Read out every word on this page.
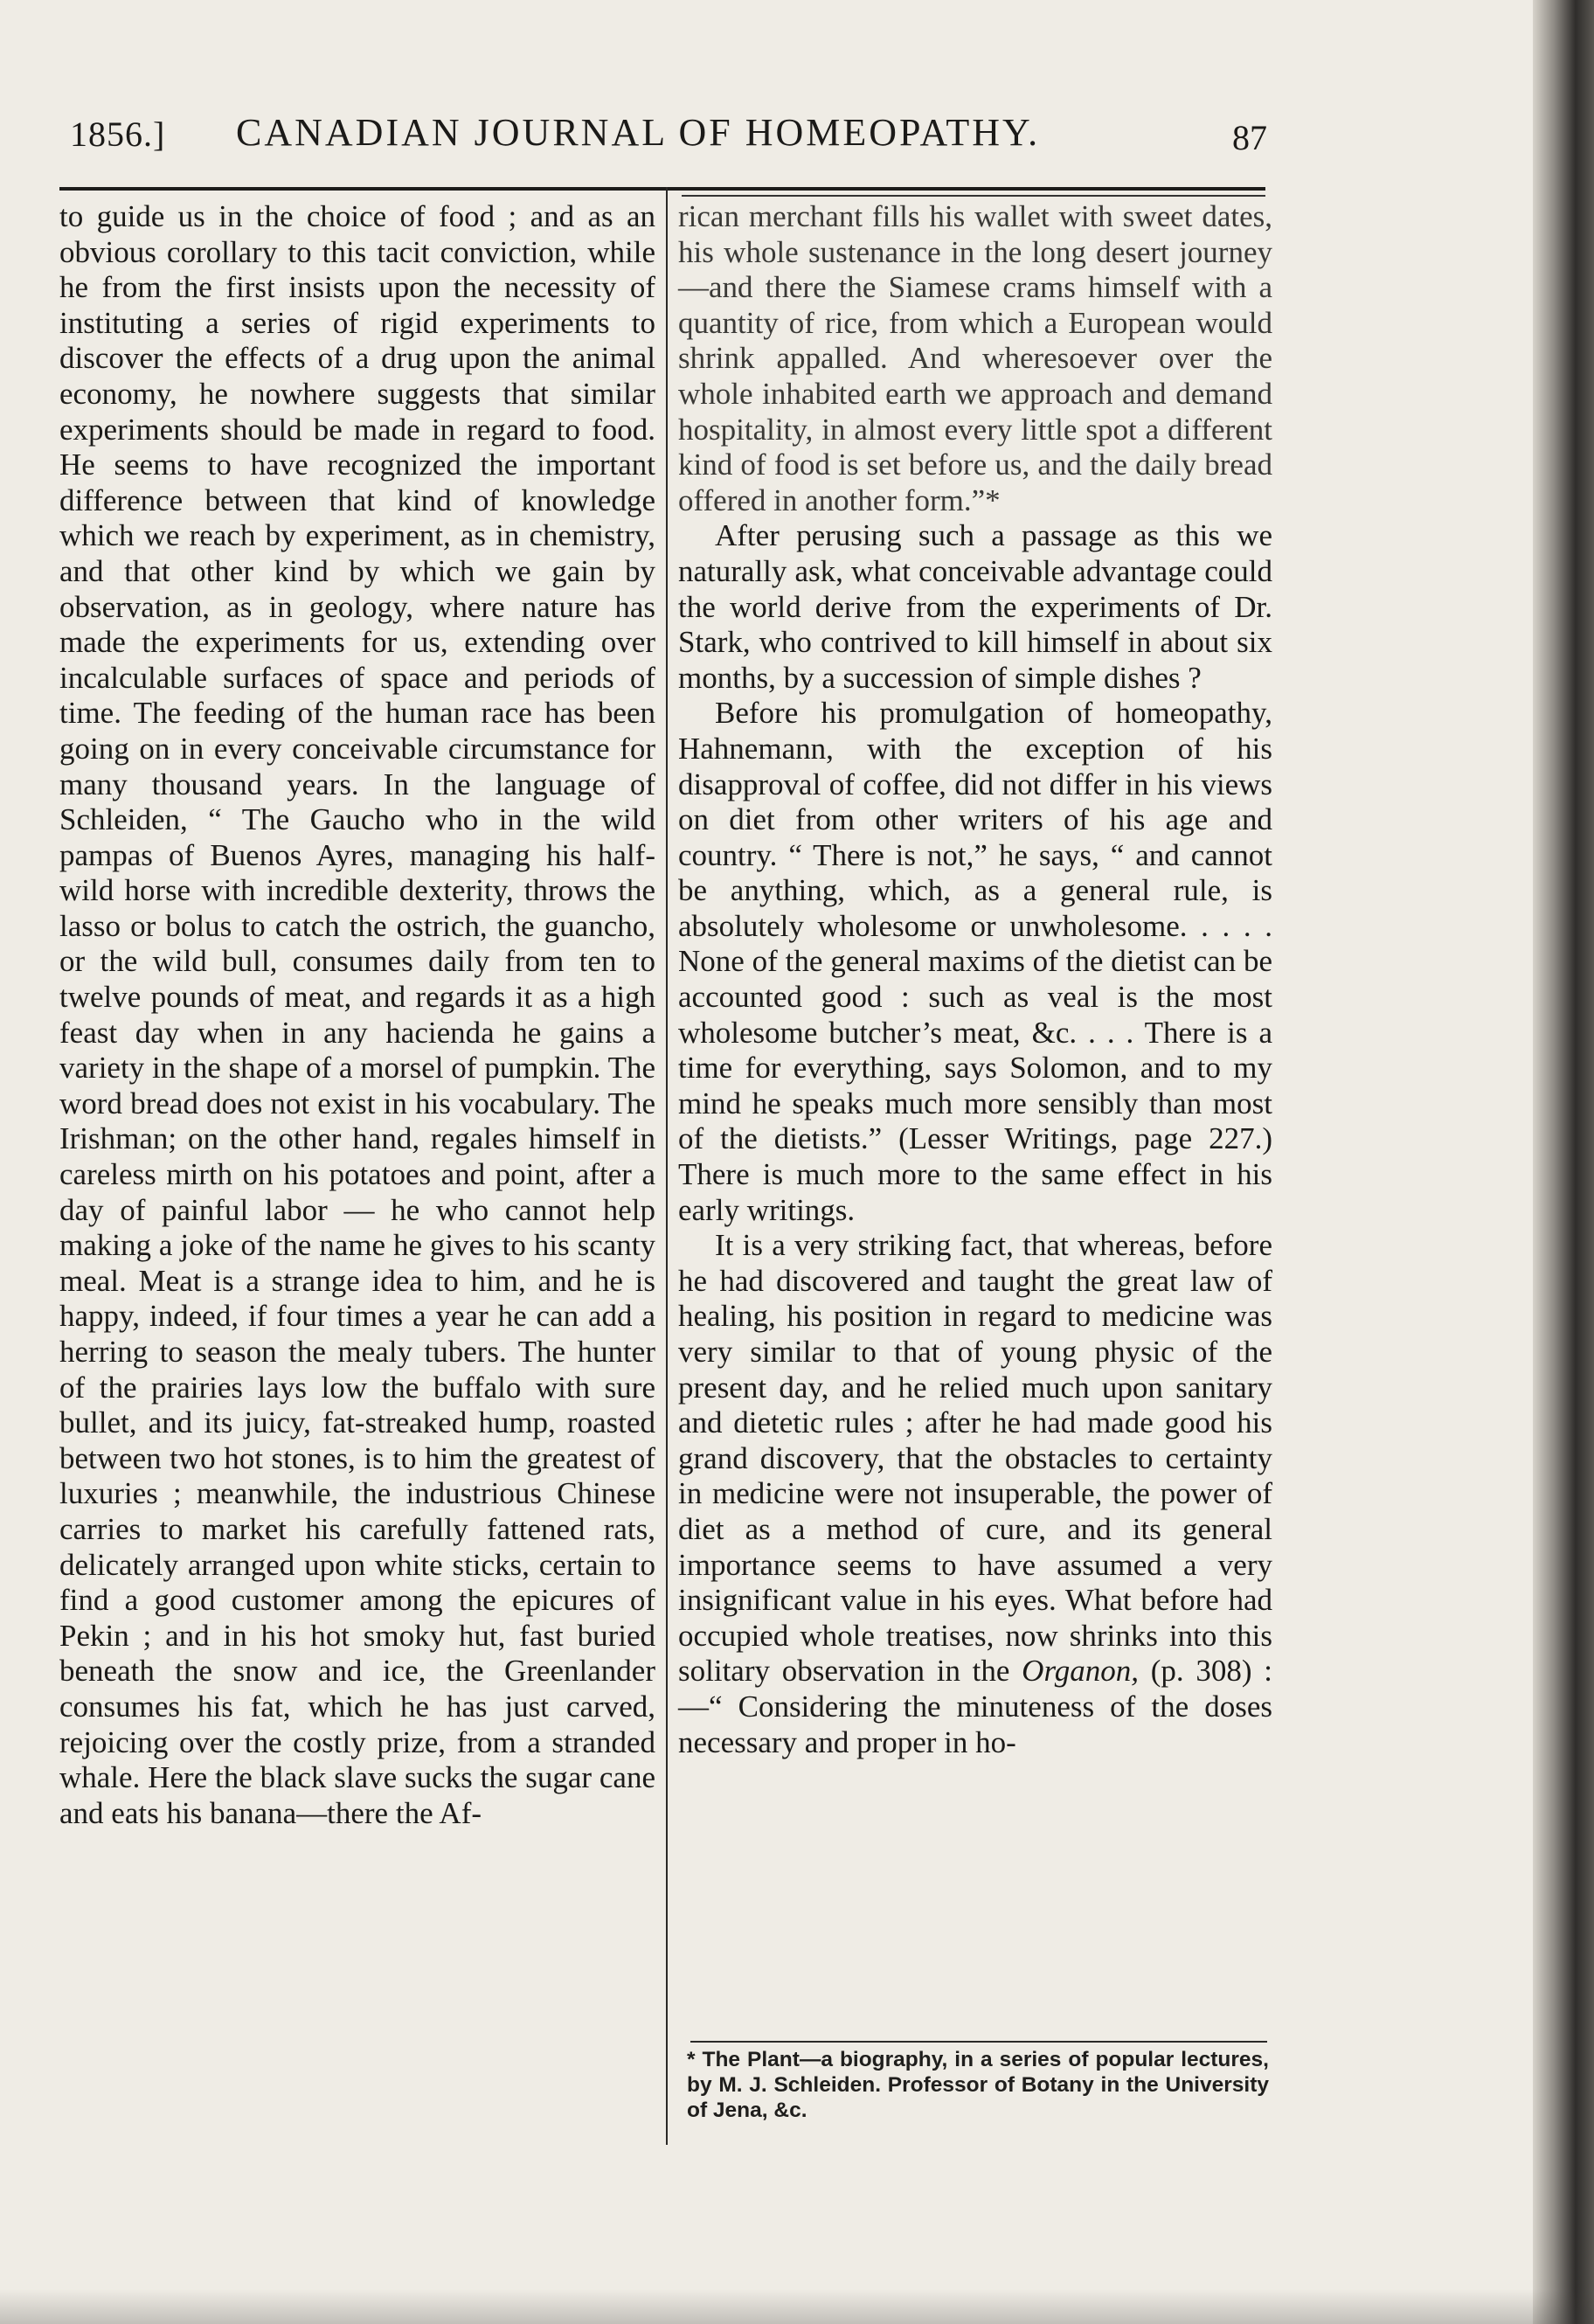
1856.] CANADIAN JOURNAL OF HOMEOPATHY.	87

to guide us in the choice of food ; and as an obvious corollary to this tacit conviction, while he from the first insists upon the necessity of instituting a series of rigid experiments to discover the effects of a drug upon the animal economy, he nowhere suggests that similar experiments should be made in regard to food. He seems to have recognized the important difference between that kind of knowledge which we reach by experiment, as in chemistry, and that other kind by which we gain by observation, as in geology, where nature has made the experiments for us, extending over incalculable surfaces of space and periods of time. The feeding of the human race has been going on in every conceivable circumstance for many thousand years. In the language of Schleiden, “ The Gaucho who in the wild pampas of Buenos Ayres, managing his half-wild horse with incredible dexterity, throws the lasso or bolus to catch the ostrich, the guancho, or the wild bull, consumes daily from ten to twelve pounds of meat, and regards it as a high feast day when in any hacienda he gains a variety in the shape of a morsel of pumpkin. The word bread does not exist in his vocabulary. The Irishman; on the other hand, regales himself in careless mirth on his potatoes and point, after a day of painful labor — he who cannot help making a joke of the name he gives to his scanty meal. Meat is a strange idea to him, and he is happy, indeed, if four times a year he can add a herring to season the mealy tubers. The hunter of the prairies lays low the buffalo with sure bullet, and its juicy, fat-streaked hump, roasted between two hot stones, is to him the greatest of luxuries ; meanwhile, the industrious Chinese carries to market his carefully fattened rats, delicately arranged upon white sticks, certain to find a good customer among the epicures of Pekin ; and in his hot smoky hut, fast buried beneath the snow and ice, the Greenlander consumes his fat, which he has just carved, rejoicing over the costly prize, from a stranded whale. Here the black slave sucks the sugar cane and eats his banana—there the Af-

rican merchant fills his wallet with sweet dates, his whole sustenance in the long desert journey—and there the Siamese crams himself with a quantity of rice, from which a European would shrink appalled. And wheresoever over the whole inhabited earth we approach and demand hospitality, in almost every little spot a different kind of food is set before us, and the daily bread offered in another form.”*

After perusing such a passage as this we naturally ask, what conceivable advantage could the world derive from the experiments of Dr. Stark, who contrived to kill himself in about six months, by a succession of simple dishes ?

Before his promulgation of homeopathy, Hahnemann, with the exception of his disapproval of coffee, did not differ in his views on diet from other writers of his age and country. “ There is not,” he says, “ and cannot be anything, which, as a general rule, is absolutely wholesome or unwholesome. . . . . None of the general maxims of the dietist can be accounted good : such as veal is the most wholesome butcher’s meat, &c. . . . There is a time for everything, says Solomon, and to my mind he speaks much more sensibly than most of the dietists.” (Lesser Writings, page 227.) There is much more to the same effect in his early writings.

It is a very striking fact, that whereas, before he had discovered and taught the great law of healing, his position in regard to medicine was very similar to that of young physic of the present day, and he relied much upon sanitary and dietetic rules ; after he had made good his grand discovery, that the obstacles to certainty in medicine were not insuperable, the power of diet as a method of cure, and its general importance seems to have assumed a very insignificant value in his eyes. What before had occupied whole treatises, now shrinks into this solitary observation in the Organon, (p. 308) :—“ Considering the minuteness of the doses necessary and proper in ho-

* The Plant—a biography, in a series of popular lectures, by M. J. Schleiden. Professor of Botany in the University of Jena, &c.
